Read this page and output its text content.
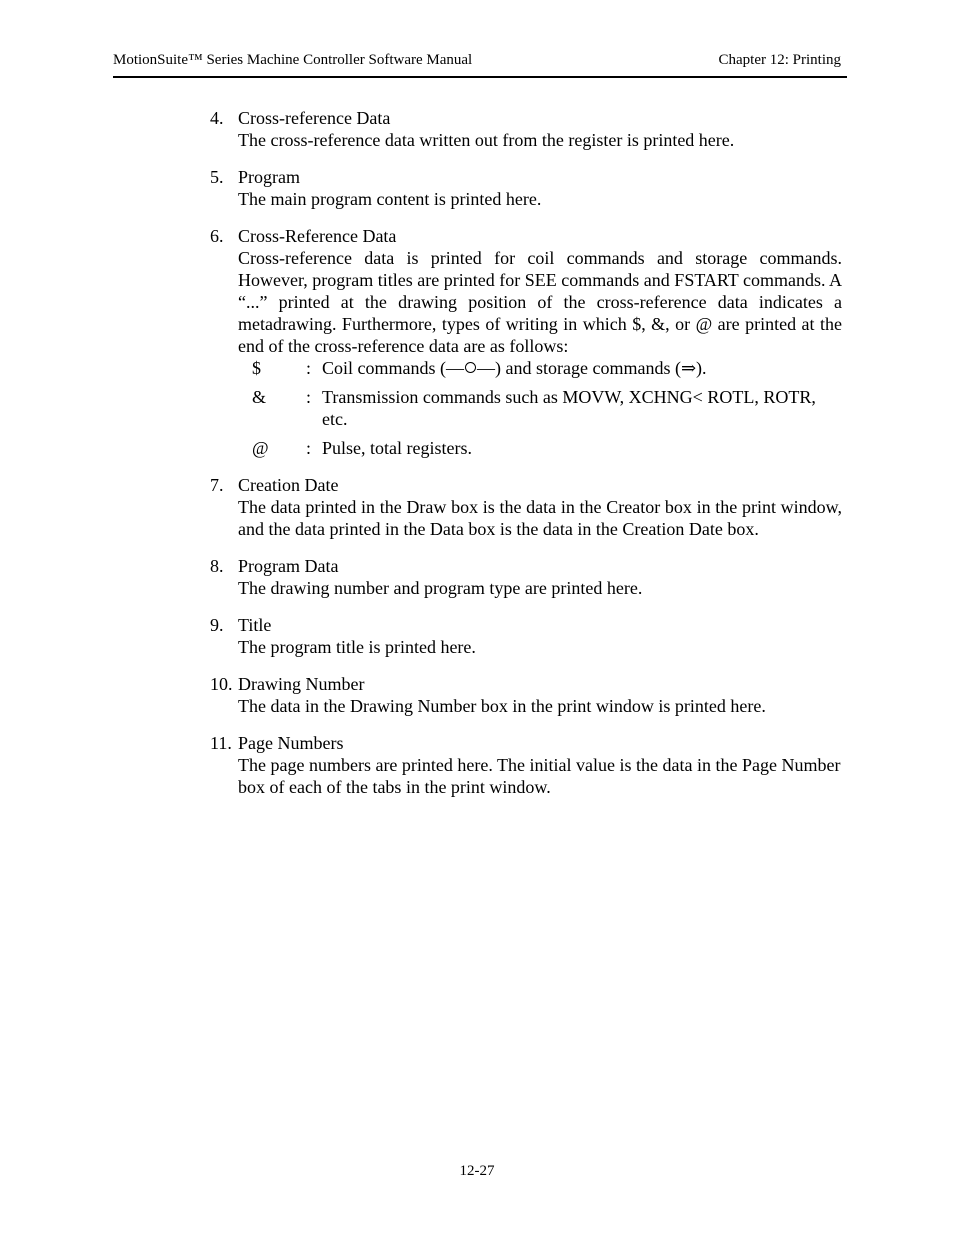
MotionSuite™ Series Machine Controller Software Manual	Chapter 12: Printing
4. Cross-reference Data

The cross-reference data written out from the register is printed here.

5. Program

The main program content is printed here.

6. Cross-Reference Data

Cross-reference data is printed for coil commands and storage commands. However, program titles are printed for SEE commands and FSTART commands. A “...” printed at the drawing position of the cross-reference data indicates a metadrawing. Furthermore, types of writing in which $, &, or @ are printed at the end of the cross-reference data are as follows:

$	: Coil commands (— —) and storage commands (⇒).
&	: Transmission commands such as MOVW, XCHNG< ROTL, ROTR, etc.
@	: Pulse, total registers.
7. Creation Date

The data printed in the Draw box is the data in the Creator box in the print window, and the data printed in the Data box is the data in the Creation Date box.

8. Program Data

The drawing number and program type are printed here.

9. Title

The program title is printed here.

10. Drawing Number

The data in the Drawing Number box in the print window is printed here.

11. Page Numbers

The page numbers are printed here. The initial value is the data in the Page Number box of each of the tabs in the print window.

12-27
